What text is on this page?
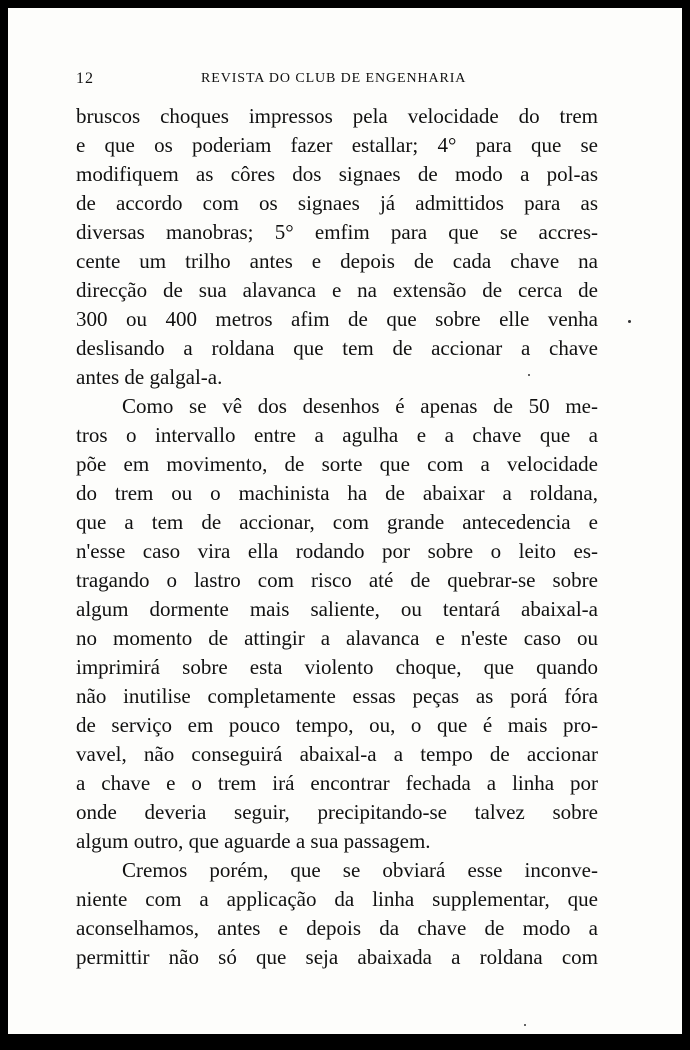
12	REVISTA DO CLUB DE ENGENHARIA
bruscos choques impressos pela velocidade do trem
e que os poderiam fazer estallar; 4° para que se
modifiquem as côres dos signaes de modo a pol-as
de accordo com os signaes já admittidos para as
diversas manobras; 5° emfim para que se accres-
cente um trilho antes e depois de cada chave na
direcção de sua alavanca e na extensão de cerca de
300 ou 400 metros afim de que sobre elle venha
deslisando a roldana que tem de accionar a chave
antes de galgal-a.
Como se vê dos desenhos é apenas de 50 me-
tros o intervallo entre a agulha e a chave que a
põe em movimento, de sorte que com a velocidade
do trem ou o machinista ha de abaixar a roldana,
que a tem de accionar, com grande antecedencia e
n'esse caso vira ella rodando por sobre o leito es-
tragando o lastro com risco até de quebrar-se sobre
algum dormente mais saliente, ou tentará abaixal-a
no momento de attingir a alavanca e n'este caso ou
imprimirá sobre esta violento choque, que quando
não inutilise completamente essas peças as porá fóra
de serviço em pouco tempo, ou, o que é mais pro-
vavel, não conseguirá abaixal-a a tempo de accionar
a chave e o trem irá encontrar fechada a linha por
onde deveria seguir, precipitando-se talvez sobre
algum outro, que aguarde a sua passagem.
Cremos porém, que se obviará esse inconve-
niente com a applicação da linha supplementar, que
aconselhamos, antes e depois da chave de modo a
permittir não só que seja abaixada a roldana com
